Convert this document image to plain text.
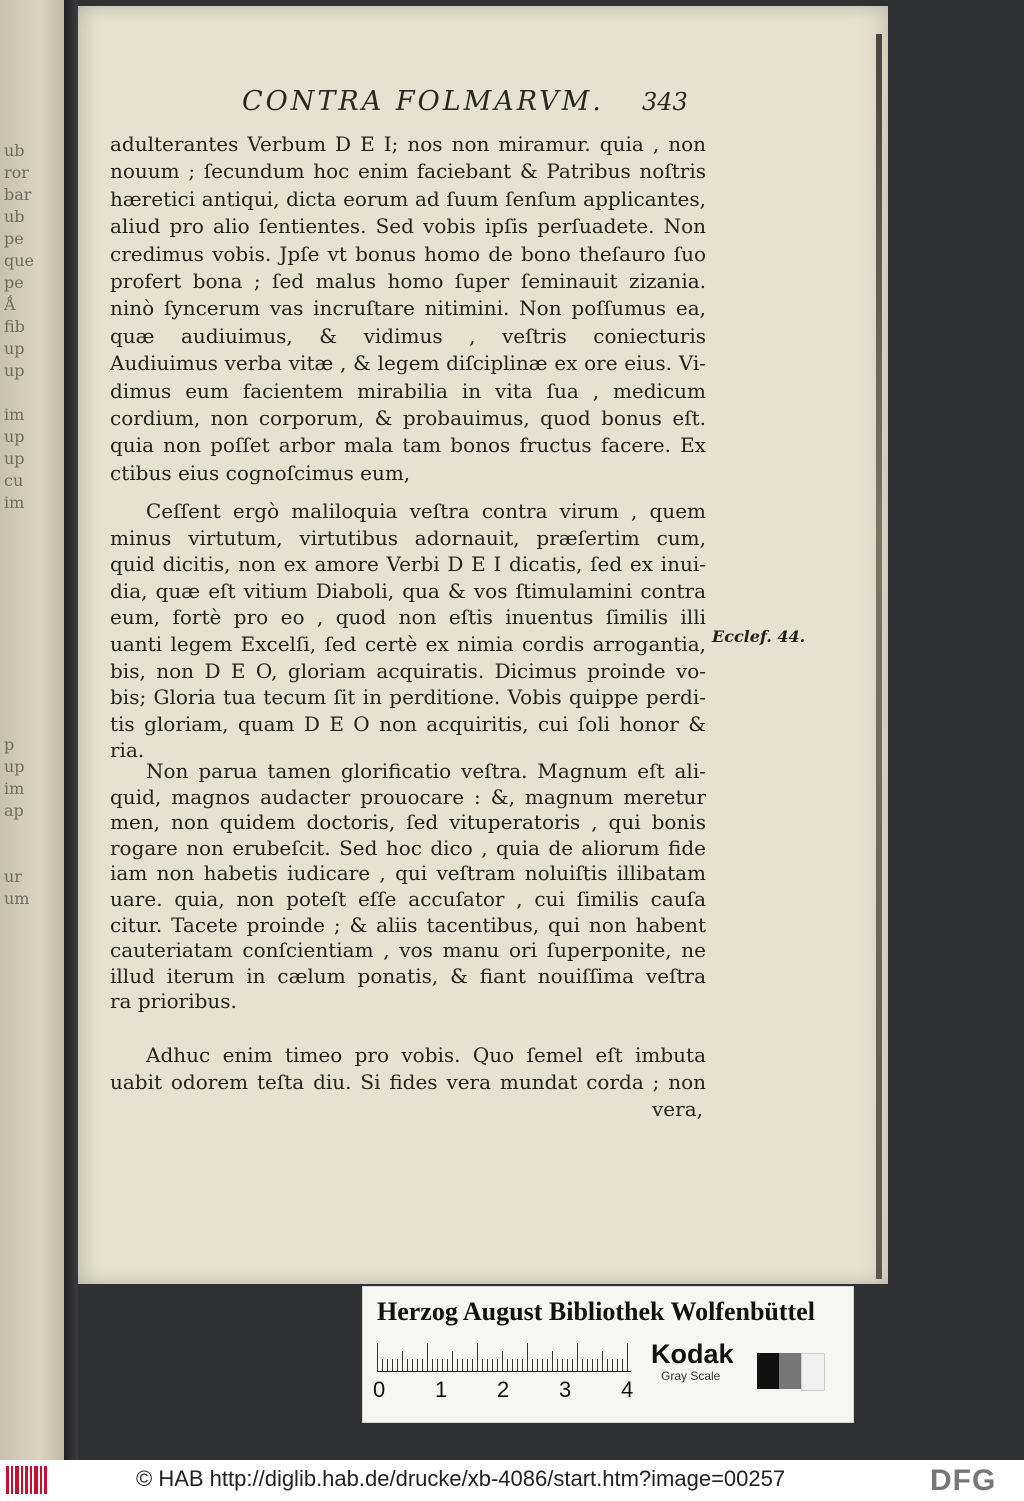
ub
ror
bar
ub
pe
que
pe
Ǻ
fib
up
up
im
up
up
cu
im
p
up
im
ap
ur
um
CONTRA FOLMARVM. 343
adulterantes Verbum D E I; nos non miramur. quia , non
nouum ; ſecundum hoc enim faciebant & Patribus noſtris
hæretici antiqui, dicta eorum ad ſuum ſenſum applicantes,
aliud pro alio ſentientes. Sed vobis ipſis perſuadete. Non
credimus vobis. Jpſe vt bonus homo de bono theſauro ſuo
profert bona ; ſed malus homo ſuper ſeminauit zizania.
ninò ſyncerum vas incruſtare nitimini. Non poſſumus ea,
quæ audiuimus, & vidimus , veſtris coniecturis
Audiuimus verba vitæ , & legem diſciplinæ ex ore eius. Vi-
dimus eum facientem mirabilia in vita ſua , medicum
cordium, non corporum, & probauimus, quod bonus eſt.
quia non poſſet arbor mala tam bonos fructus facere. Ex
ctibus eius cognoſcimus eum,
Ceſſent ergò maliloquia veſtra contra virum , quem
minus virtutum, virtutibus adornauit, præſertim cum,
quid dicitis, non ex amore Verbi D E I dicatis, ſed ex inui-
dia, quæ eſt vitium Diaboli, qua & vos ſtimulamini contra
eum, fortè pro eo , quod non eſtis inuentus ſimilis illi
uanti legem Excelſi, ſed certè ex nimia cordis arrogantia,
bis, non D E O, gloriam acquiratis. Dicimus proinde vo-
bis; Gloria tua tecum ſit in perditione. Vobis quippe perdi-
tis gloriam, quam D E O non acquiritis, cui ſoli honor &
ria.
Non parua tamen glorificatio veſtra. Magnum eſt ali-
quid, magnos audacter prouocare : &, magnum meretur
men, non quidem doctoris, ſed vituperatoris , qui bonis
rogare non erubeſcit. Sed hoc dico , quia de aliorum fide
iam non habetis iudicare , qui veſtram noluiſtis illibatam
uare. quia, non poteſt eſſe accuſator , cui ſimilis cauſa
citur. Tacete proinde ; & aliis tacentibus, qui non habent
cauteriatam conſcientiam , vos manu ori ſuperponite, ne
illud iterum in cælum ponatis, & fiant nouiſſima veſtra
ra prioribus.
Adhuc enim timeo pro vobis. Quo ſemel eſt imbuta
uabit odorem teſta diu. Si fides vera mundat corda ; non
vera,
Ecclef. 44.
Herzog August Bibliothek Wolfenbüttel
0 1 2 3 4
Kodak
Gray Scale
© HAB http://diglib.hab.de/drucke/xb-4086/start.htm?image=00257	DFG
